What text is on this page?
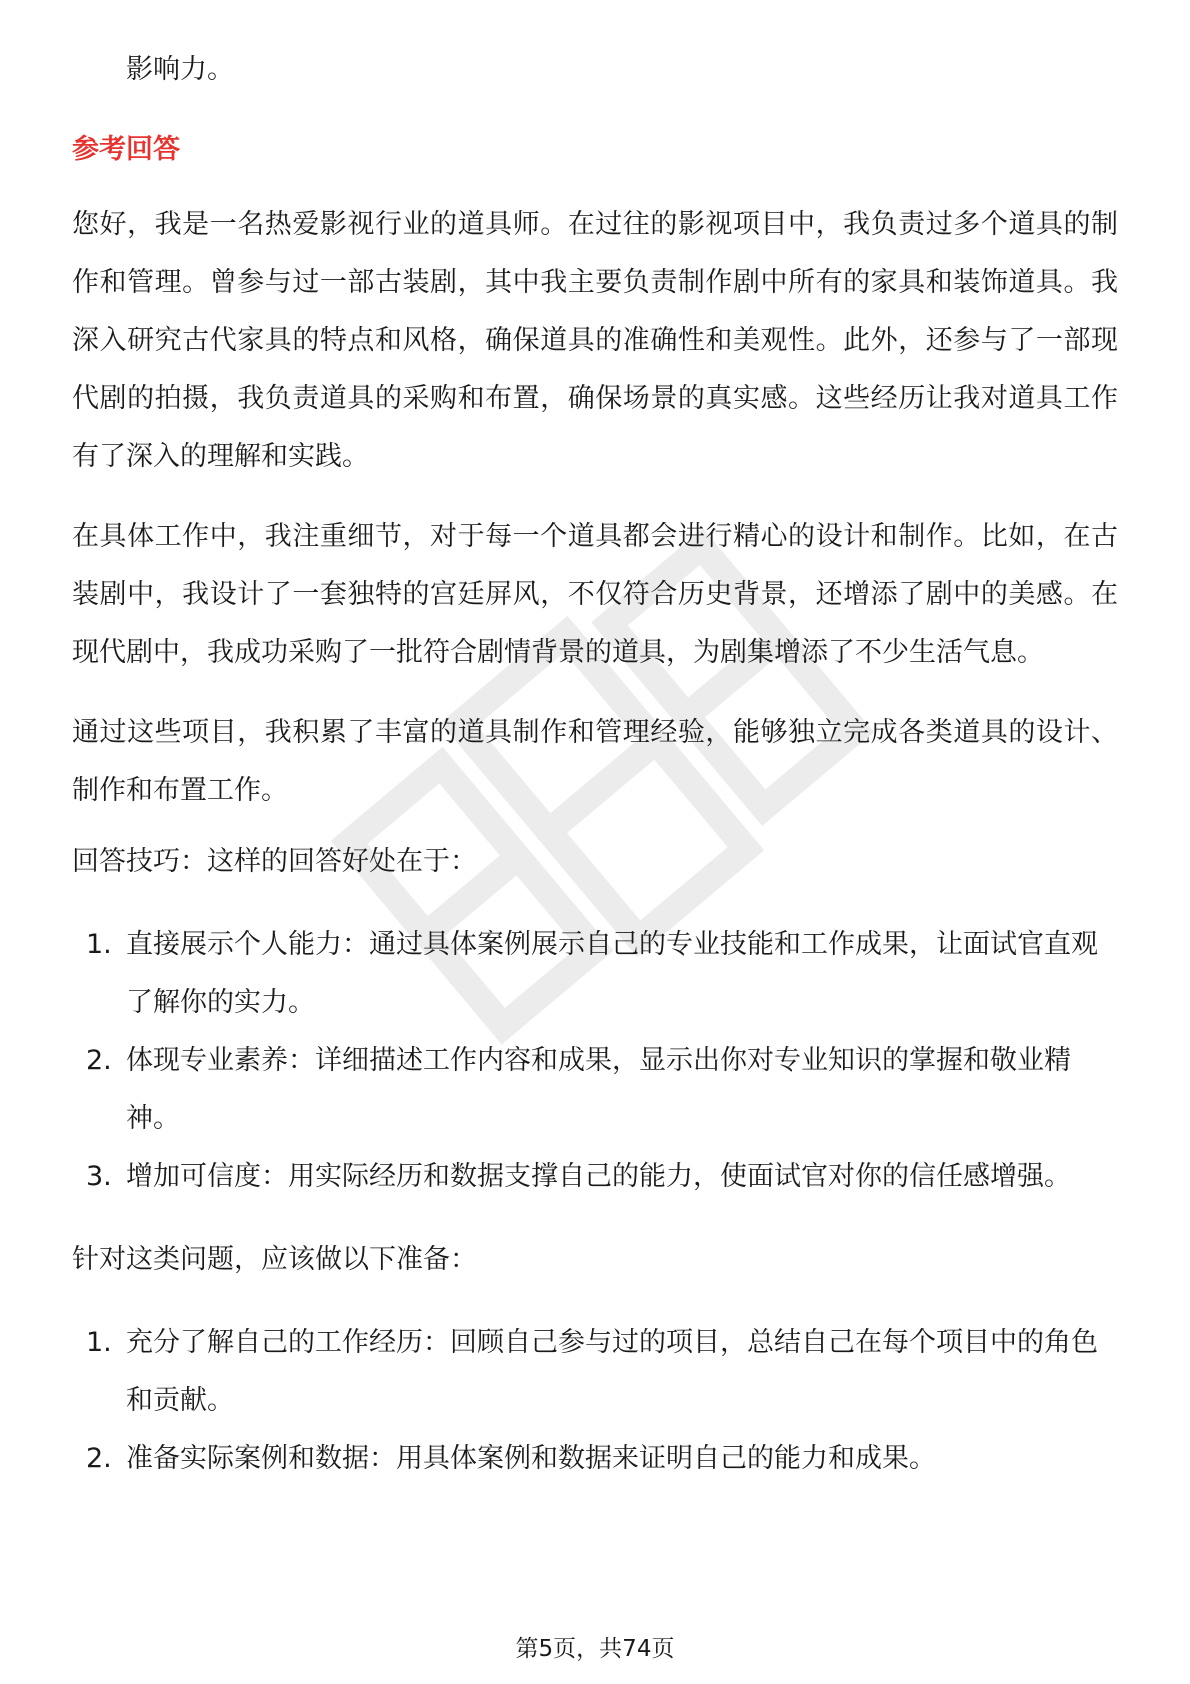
影响力。

参考回答

您好，我是一名热爱影视行业的道具师。在过往的影视项目中，我负责过多个道具的制作和管理。曾参与过一部古装剧，其中我主要负责制作剧中所有的家具和装饰道具。我深入研究古代家具的特点和风格，确保道具的准确性和美观性。此外，还参与了一部现代剧的拍摄，我负责道具的采购和布置，确保场景的真实感。这些经历让我对道具工作有了深入的理解和实践。

在具体工作中，我注重细节，对于每一个道具都会进行精心的设计和制作。比如，在古装剧中，我设计了一套独特的宫廷屏风，不仅符合历史背景，还增添了剧中的美感。在现代剧中，我成功采购了一批符合剧情背景的道具，为剧集增添了不少生活气息。

通过这些项目，我积累了丰富的道具制作和管理经验，能够独立完成各类道具的设计、制作和布置工作。

回答技巧：这样的回答好处在于：

1. 直接展示个人能力：通过具体案例展示自己的专业技能和工作成果，让面试官直观了解你的实力。
2. 体现专业素养：详细描述工作内容和成果，显示出你对专业知识的掌握和敬业精神。
3. 增加可信度：用实际经历和数据支撑自己的能力，使面试官对你的信任感增强。

针对这类问题，应该做以下准备：

1. 充分了解自己的工作经历：回顾自己参与过的项目，总结自己在每个项目中的角色和贡献。
2. 准备实际案例和数据：用具体案例和数据来证明自己的能力和成果。
第5页，共74页
